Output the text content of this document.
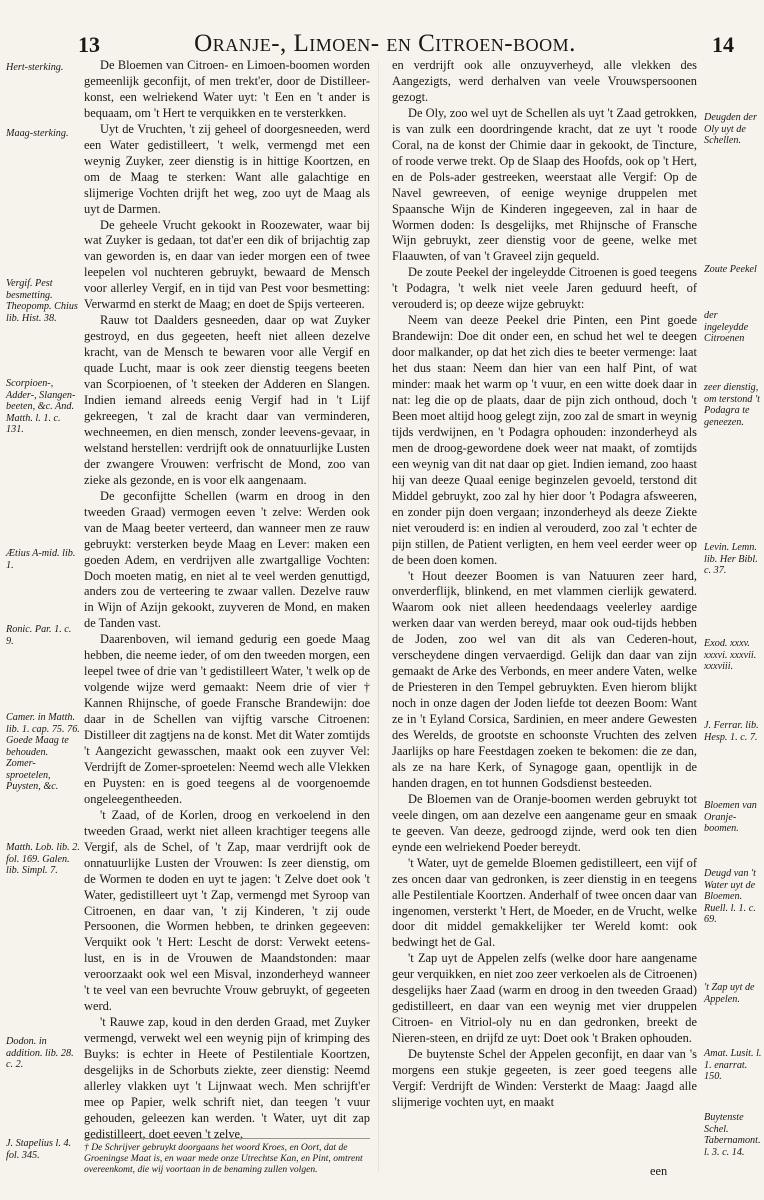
13	Oranje-, Limoen- en Citroen-boom.	14
Hert-sterking.
Maag-sterking.
Vergif. Pest besmetting. Theopomp. Chius lib. Hist. 38.
Scorpioen-, Adder-, Slangen-beeten, &c. And. Matth. l. 1. c. 131.
Ætius A-mid. lib. 1.
Ronic. Par. 1. c. 9.
Camer. in Matth. lib. 1. cap. 75. 76. Goede Maag te behouden. Zomer-sproetelen, Puysten, &c.
Matth. Lob. lib. 2. fol. 169. Galen. lib. Simpl. 7.
Dodon. in addition. lib. 28. c. 2.
J. Stapelius l. 4. fol. 345.

De Bloemen van Citroen- en Limoen-boomen worden gemeenlijk geconfijt, of men trekt'er, door de Distilleer-konst, een welriekend Water uyt: 't Een en 't ander is bequaam, om 't Hert te verquikken en te versterkken.

Uyt de Vruchten, 't zij geheel of doorgesneeden, werd een Water gedistilleert, 't welk, vermengd met een weynig Zuyker, zeer dienstig is in hittige Koortzen, en om de Maag te sterken: Want alle galachtige en slijmerige Vochten drijft het weg, zoo uyt de Maag als uyt de Darmen.

De geheele Vrucht gekookt in Roozewater, waar bij wat Zuyker is gedaan, tot dat'er een dik of brijachtig zap van geworden is, en daar van ieder morgen een of twee leepelen vol nuchteren gebruykt, bewaard de Mensch voor allerley Vergif, en in tijd van Pest voor besmetting: Verwarmd en sterkt de Maag; en doet de Spijs verteeren.

Rauw tot Daalders gesneeden, daar op wat Zuyker gestroyd, en dus gegeeten, heeft niet alleen dezelve kracht, van de Mensch te bewaren voor alle Vergif en quade Lucht, maar is ook zeer dienstig teegens beeten van Scorpioenen, of 't steeken der Adderen en Slangen. Indien iemand alreeds eenig Vergif had in 't Lijf gekreegen, 't zal de kracht daar van verminderen, wechneemen, en dien mensch, zonder leevens-gevaar, in welstand herstellen: verdrijft ook de onnatuurlijke Lusten der zwangere Vrouwen: verfrischt de Mond, zoo van zieke als gezonde, en is voor elk aangenaam.

De geconfijtte Schellen (warm en droog in den tweeden Graad) vermogen eeven 't zelve: Werden ook van de Maag beeter verteerd, dan wanneer men ze rauw gebruykt: versterken beyde Maag en Lever: maken een goeden Adem, en verdrijven alle zwartgallige Vochten: Doch moeten matig, en niet al te veel werden genuttigd, anders zou de verteering te zwaar vallen. Dezelve rauw in Wijn of Azijn gekookt, zuyveren de Mond, en maken de Tanden vast.

Daarenboven, wil iemand gedurig een goede Maag hebben, die neeme ieder, of om den tweeden morgen, een leepel twee of drie van 't gedistilleert Water, 't welk op de volgende wijze werd gemaakt: Neem drie of vier † Kannen Rhijnsche, of goede Fransche Brandewijn: doe daar in de Schellen van vijftig varsche Citroenen: Distilleer dit zagtjens na de konst. Met dit Water zomtijds 't Aangezicht gewasschen, maakt ook een zuyver Vel: Verdrijft de Zomer-sproetelen: Neemd wech alle Vlekken en Puysten: en is goed teegens al de voorgenoemde ongeleegentheeden.

't Zaad, of de Korlen, droog en verkoelend in den tweeden Graad, werkt niet alleen krachtiger teegens alle Vergif, als de Schel, of 't Zap, maar verdrijft ook de onnatuurlijke Lusten der Vrouwen: Is zeer dienstig, om de Wormen te doden en uyt te jagen: 't Zelve doet ook 't Water, gedistilleert uyt 't Zap, vermengd met Syroop van Citroenen, en daar van, 't zij Kinderen, 't zij oude Persoonen, die Wormen hebben, te drinken gegeeven: Verquikt ook 't Hert: Lescht de dorst: Verwekt eetens-lust, en is in de Vrouwen de Maandstonden: maar veroorzaakt ook wel een Misval, inzonderheyd wanneer 't te veel van een bevruchte Vrouw gebruykt, of gegeeten werd.

't Rauwe zap, koud in den derden Graad, met Zuyker vermengd, verwekt wel een weynig pijn of krimping des Buyks: is echter in Heete of Pestilentiale Koortzen, desgelijks in de Schorbuts ziekte, zeer dienstig: Neemd allerley vlakken uyt 't Lijnwaat wech. Men schrijft'er mee op Papier, welk schrift niet, dan teegen 't vuur gehouden, geleezen kan werden. 't Water, uyt dit zap gedistilleert, doet eeven 't zelve,

† De Schrijver gebruykt doorgaans het woord Kroes, en Oort, dat de Groeningse Maat is, en waar mede onze Utrechtse Kan, en Pint, omtrent overeenkomt, die wij voortaan in de benaming zullen volgen.

en verdrijft ook alle onzuyverheyd, alle vlekken des Aangezigts, werd derhalven van veele Vrouwspersoonen gezogt.

De Oly, zoo wel uyt de Schellen als uyt 't Zaad getrokken, is van zulk een doordringende kracht, dat ze uyt 't roode Coral, na de konst der Chimie daar in gekookt, de Tincture, of roode verwe trekt. Op de Slaap des Hoofds, ook op 't Hert, en de Pols-ader gestreeken, weerstaat alle Vergif: Op de Navel gewreeven, of eenige weynige druppelen met Spaansche Wijn de Kinderen ingegeeven, zal in haar de Wormen doden: Is desgelijks, met Rhijnsche of Fransche Wijn gebruykt, zeer dienstig voor de geene, welke met Flaauwten, of van 't Graveel zijn gequeld.

De zoute Peekel der ingeleydde Citroenen is goed teegens 't Podagra, 't welk niet veele Jaren geduurd heeft, of verouderd is; op deeze wijze gebruykt:

Neem van deeze Peekel drie Pinten, een Pint goede Brandewijn: Doe dit onder een, en schud het wel te deegen door malkander, op dat het zich dies te beeter vermenge: laat het dus staan: Neem dan hier van een half Pint, of wat minder: maak het warm op 't vuur, en een witte doek daar in nat: leg die op de plaats, daar de pijn zich onthoud, doch 't Been moet altijd hoog gelegt zijn, zoo zal de smart in weynig tijds verdwijnen, en 't Podagra ophouden: inzonderheyd als men de droog-gewordene doek weer nat maakt, of zomtijds een weynig van dit nat daar op giet. Indien iemand, zoo haast hij van deeze Quaal eenige beginzelen gevoeld, terstond dit Middel gebruykt, zoo zal hy hier door 't Podagra afsweeren, en zonder pijn doen vergaan; inzonderheyd als deeze Ziekte niet verouderd is: en indien al verouderd, zoo zal 't echter de pijn stillen, de Patient verligten, en hem veel eerder weer op de been doen komen.

't Hout deezer Boomen is van Natuuren zeer hard, onverderflijk, blinkend, en met vlammen cierlijk gewaterd. Waarom ook niet alleen heedendaags veelerley aardige werken daar van werden bereyd, maar ook oud-tijds hebben de Joden, zoo wel van dit als van Cederen-hout, verscheydene dingen vervaerdigd. Gelijk dan daar van zijn gemaakt de Arke des Verbonds, en meer andere Vaten, welke de Priesteren in den Tempel gebruykten. Even hierom blijkt noch in onze dagen der Joden liefde tot deezen Boom: Want ze in 't Eyland Corsica, Sardinien, en meer andere Gewesten des Werelds, de grootste en schoonste Vruchten des zelven Jaarlijks op hare Feestdagen zoeken te bekomen: die ze dan, als ze na hare Kerk, of Synagoge gaan, opentlijk in de handen dragen, en tot hunnen Godsdienst besteeden.

De Bloemen van de Oranje-boomen werden gebruykt tot veele dingen, om aan dezelve een aangename geur en smaak te geeven. Van deeze, gedroogd zijnde, werd ook ten dien eynde een welriekend Poeder bereydt.

't Water, uyt de gemelde Bloemen gedistilleert, een vijf of zes oncen daar van gedronken, is zeer dienstig in en teegens alle Pestilentiale Koortzen. Anderhalf of twee oncen daar van ingenomen, versterkt 't Hert, de Moeder, en de Vrucht, welke door dit middel gemakkelijker ter Wereld komt: ook bedwingt het de Gal.

't Zap uyt de Appelen zelfs (welke door hare aangename geur verquikken, en niet zoo zeer verkoelen als de Citroenen) desgelijks haer Zaad (warm en droog in den tweeden Graad) gedistilleert, en daar van een weynig met vier druppelen Citroen- en Vitriol-oly nu en dan gedronken, breekt de Nieren-steen, en drijfd ze uyt: Doet ook 't Braken ophouden.

De buytenste Schel der Appelen geconfijt, en daar van 's morgens een stukje gegeeten, is zeer goed teegens alle Vergif: Verdrijft de Winden: Versterkt de Maag: Jaagd alle slijmerige vochten uyt, en maakt

een
Deugden der Oly uyt de Schellen.
Zoute Peekel
der ingeleydde Citroenen
zeer dienstig, om terstond 't Podagra te geneezen.
Levin. Lemn. lib. Her Bibl. c. 37.
Exod. xxxv. xxxvi. xxxvii. xxxviii.
J. Ferrar. lib. Hesp. 1. c. 7.
Bloemen van Oranje-boomen.
Deugd van 't Water uyt de Bloemen. Ruell. l. 1. c. 69.
't Zap uyt de Appelen.
Amat. Lusit. l. 1. enarrat. 150.
Buytenste Schel. Tabernamont. l. 3. c. 14.
